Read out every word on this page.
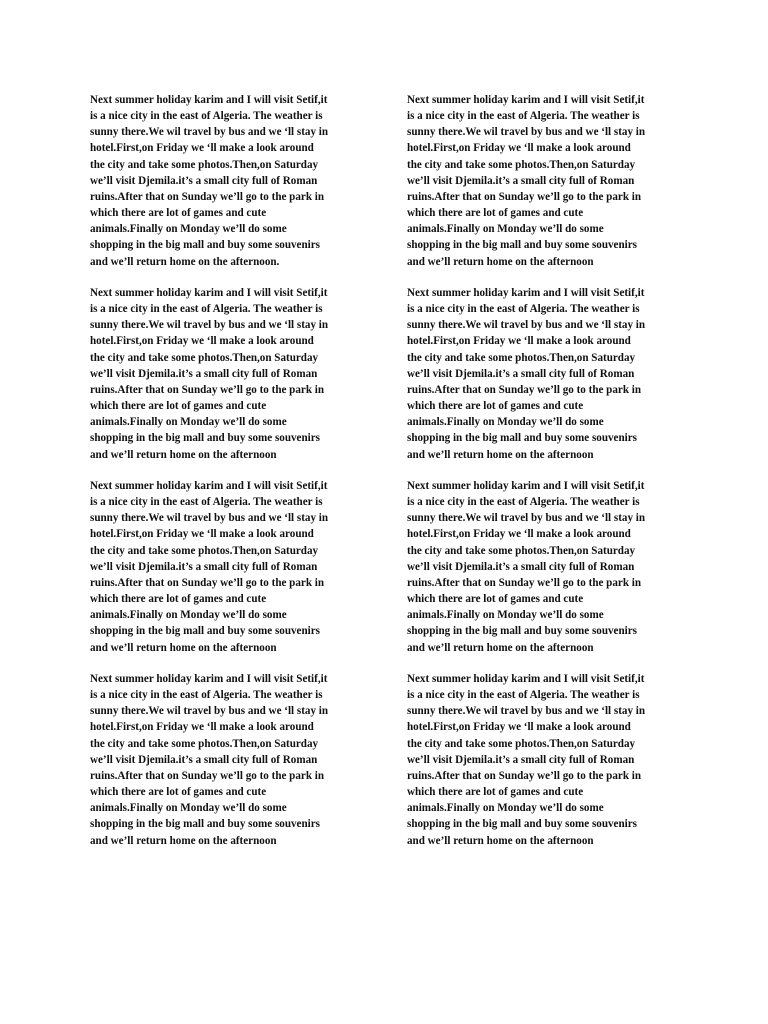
Next summer holiday karim and I will visit Setif,it
is a nice city in the east of Algeria. The weather is
sunny there.We wil travel by bus and we ‘ll stay in
hotel.First,on Friday we ‘ll make a look around
the city and take some photos.Then,on Saturday
we’ll visit Djemila.it’s a small city full of Roman
ruins.After that on Sunday we’ll go to the park in
which there are lot of games and cute
animals.Finally on Monday we’ll do some
shopping in the big mall and buy some souvenirs
and we’ll return home on the afternoon.

Next summer holiday karim and I will visit Setif,it
is a nice city in the east of Algeria. The weather is
sunny there.We wil travel by bus and we ‘ll stay in
hotel.First,on Friday we ‘ll make a look around
the city and take some photos.Then,on Saturday
we’ll visit Djemila.it’s a small city full of Roman
ruins.After that on Sunday we’ll go to the park in
which there are lot of games and cute
animals.Finally on Monday we’ll do some
shopping in the big mall and buy some souvenirs
and we’ll return home on the afternoon

Next summer holiday karim and I will visit Setif,it
is a nice city in the east of Algeria. The weather is
sunny there.We wil travel by bus and we ‘ll stay in
hotel.First,on Friday we ‘ll make a look around
the city and take some photos.Then,on Saturday
we’ll visit Djemila.it’s a small city full of Roman
ruins.After that on Sunday we’ll go to the park in
which there are lot of games and cute
animals.Finally on Monday we’ll do some
shopping in the big mall and buy some souvenirs
and we’ll return home on the afternoon

Next summer holiday karim and I will visit Setif,it
is a nice city in the east of Algeria. The weather is
sunny there.We wil travel by bus and we ‘ll stay in
hotel.First,on Friday we ‘ll make a look around
the city and take some photos.Then,on Saturday
we’ll visit Djemila.it’s a small city full of Roman
ruins.After that on Sunday we’ll go to the park in
which there are lot of games and cute
animals.Finally on Monday we’ll do some
shopping in the big mall and buy some souvenirs
and we’ll return home on the afternoon

Next summer holiday karim and I will visit Setif,it
is a nice city in the east of Algeria. The weather is
sunny there.We wil travel by bus and we ‘ll stay in
hotel.First,on Friday we ‘ll make a look around
the city and take some photos.Then,on Saturday
we’ll visit Djemila.it’s a small city full of Roman
ruins.After that on Sunday we’ll go to the park in
which there are lot of games and cute
animals.Finally on Monday we’ll do some
shopping in the big mall and buy some souvenirs
and we’ll return home on the afternoon

Next summer holiday karim and I will visit Setif,it
is a nice city in the east of Algeria. The weather is
sunny there.We wil travel by bus and we ‘ll stay in
hotel.First,on Friday we ‘ll make a look around
the city and take some photos.Then,on Saturday
we’ll visit Djemila.it’s a small city full of Roman
ruins.After that on Sunday we’ll go to the park in
which there are lot of games and cute
animals.Finally on Monday we’ll do some
shopping in the big mall and buy some souvenirs
and we’ll return home on the afternoon

Next summer holiday karim and I will visit Setif,it
is a nice city in the east of Algeria. The weather is
sunny there.We wil travel by bus and we ‘ll stay in
hotel.First,on Friday we ‘ll make a look around
the city and take some photos.Then,on Saturday
we’ll visit Djemila.it’s a small city full of Roman
ruins.After that on Sunday we’ll go to the park in
which there are lot of games and cute
animals.Finally on Monday we’ll do some
shopping in the big mall and buy some souvenirs
and we’ll return home on the afternoon

Next summer holiday karim and I will visit Setif,it
is a nice city in the east of Algeria. The weather is
sunny there.We wil travel by bus and we ‘ll stay in
hotel.First,on Friday we ‘ll make a look around
the city and take some photos.Then,on Saturday
we’ll visit Djemila.it’s a small city full of Roman
ruins.After that on Sunday we’ll go to the park in
which there are lot of games and cute
animals.Finally on Monday we’ll do some
shopping in the big mall and buy some souvenirs
and we’ll return home on the afternoon
